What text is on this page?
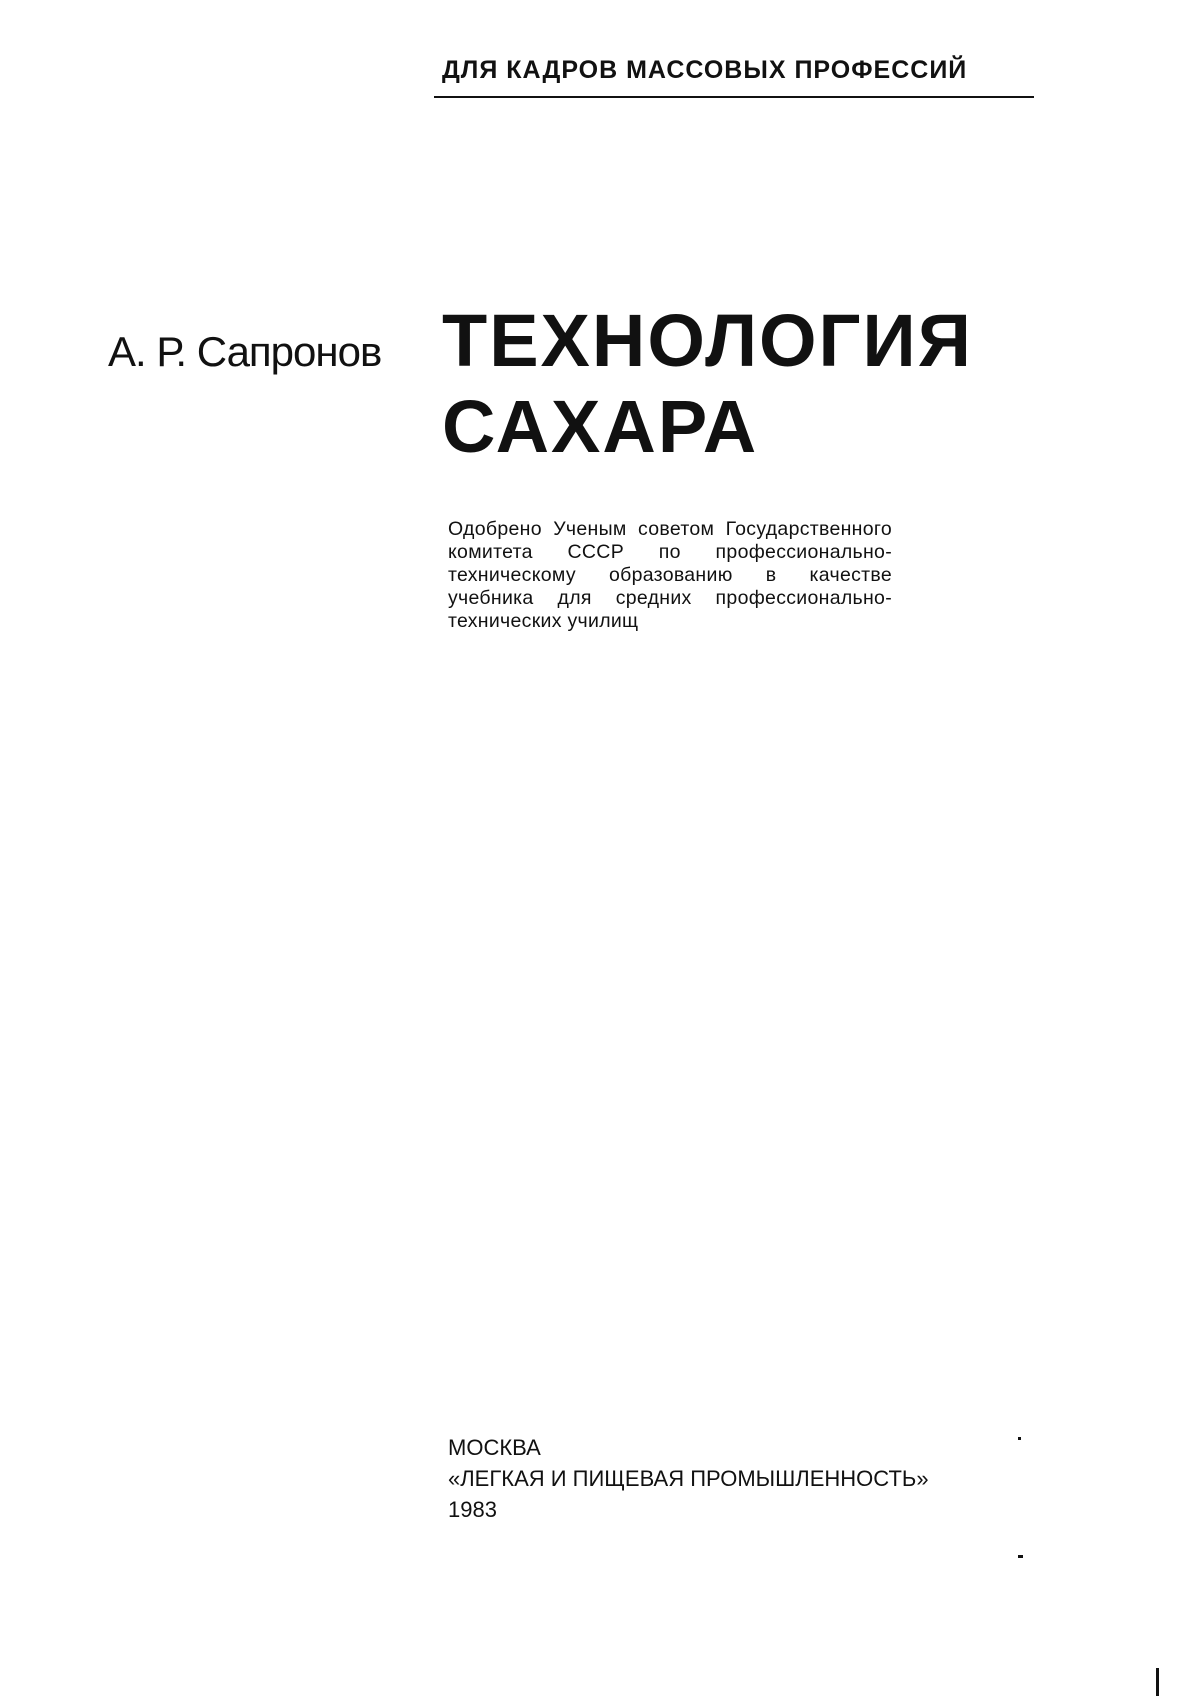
ДЛЯ КАДРОВ МАССОВЫХ ПРОФЕССИЙ
А. Р. Сапронов ТЕХНОЛОГИЯ
САХАРА
Одобрено Ученым советом Государственного комитета СССР по профессионально-техническому образованию в качестве учебника для средних профессионально-технических училищ
МОСКВА
«ЛЕГКАЯ И ПИЩЕВАЯ ПРОМЫШЛЕННОСТЬ»
1983
